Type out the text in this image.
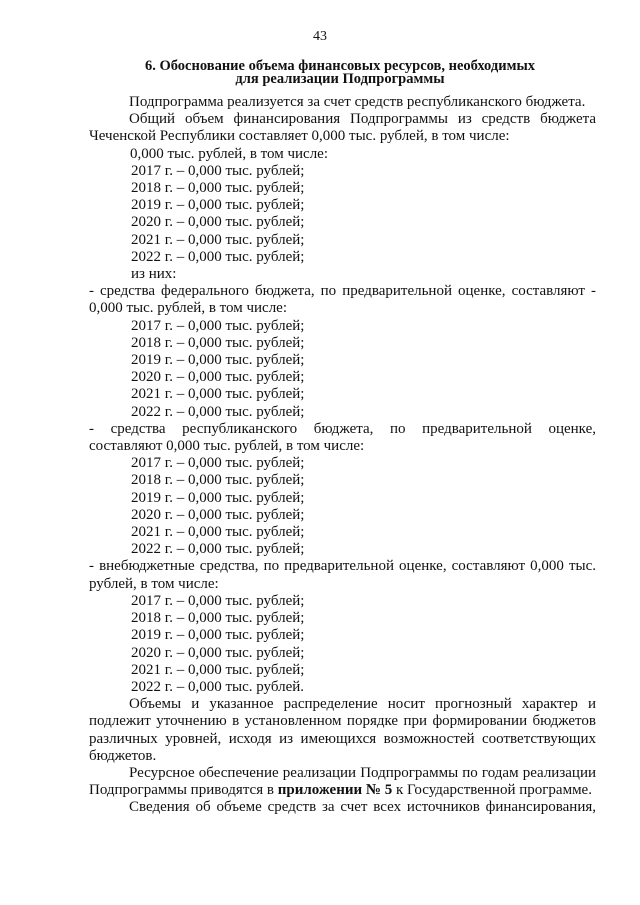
43
6. Обоснование объема финансовых ресурсов, необходимых
для реализации Подпрограммы

Подпрограмма реализуется за счет средств республиканского бюджета.

Общий объем финансирования Подпрограммы из средств бюджета Чеченской Республики составляет 0,000 тыс. рублей, в том числе:

0,000 тыс. рублей, в том числе:

2017 г. – 0,000 тыс. рублей;

2018 г. – 0,000 тыс. рублей;

2019 г. – 0,000 тыс. рублей;

2020 г. – 0,000 тыс. рублей;

2021 г. – 0,000 тыс. рублей;

2022 г. – 0,000 тыс. рублей;

из них:

- средства федерального бюджета, по предварительной оценке, составляют - 0,000 тыс. рублей, в том числе:

2017 г. – 0,000 тыс. рублей;

2018 г. – 0,000 тыс. рублей;

2019 г. – 0,000 тыс. рублей;

2020 г. – 0,000 тыс. рублей;

2021 г. – 0,000 тыс. рублей;

2022 г. – 0,000 тыс. рублей;

- средства республиканского бюджета, по предварительной оценке, составляют 0,000 тыс. рублей, в том числе:

2017 г. – 0,000 тыс. рублей;

2018 г. – 0,000 тыс. рублей;

2019 г. – 0,000 тыс. рублей;

2020 г. – 0,000 тыс. рублей;

2021 г. – 0,000 тыс. рублей;

2022 г. – 0,000 тыс. рублей;

- внебюджетные средства, по предварительной оценке, составляют 0,000 тыс. рублей, в том числе:

2017 г. – 0,000 тыс. рублей;

2018 г. – 0,000 тыс. рублей;

2019 г. – 0,000 тыс. рублей;

2020 г. – 0,000 тыс. рублей;

2021 г. – 0,000 тыс. рублей;

2022 г. – 0,000 тыс. рублей.

Объемы и указанное распределение носит прогнозный характер и подлежит уточнению в установленном порядке при формировании бюджетов различных уровней, исходя из имеющихся возможностей соответствующих бюджетов.

Ресурсное обеспечение реализации Подпрограммы по годам реализации Подпрограммы приводятся в приложении № 5 к Государственной программе.

Сведения об объеме средств за счет всех источников финансирования,
